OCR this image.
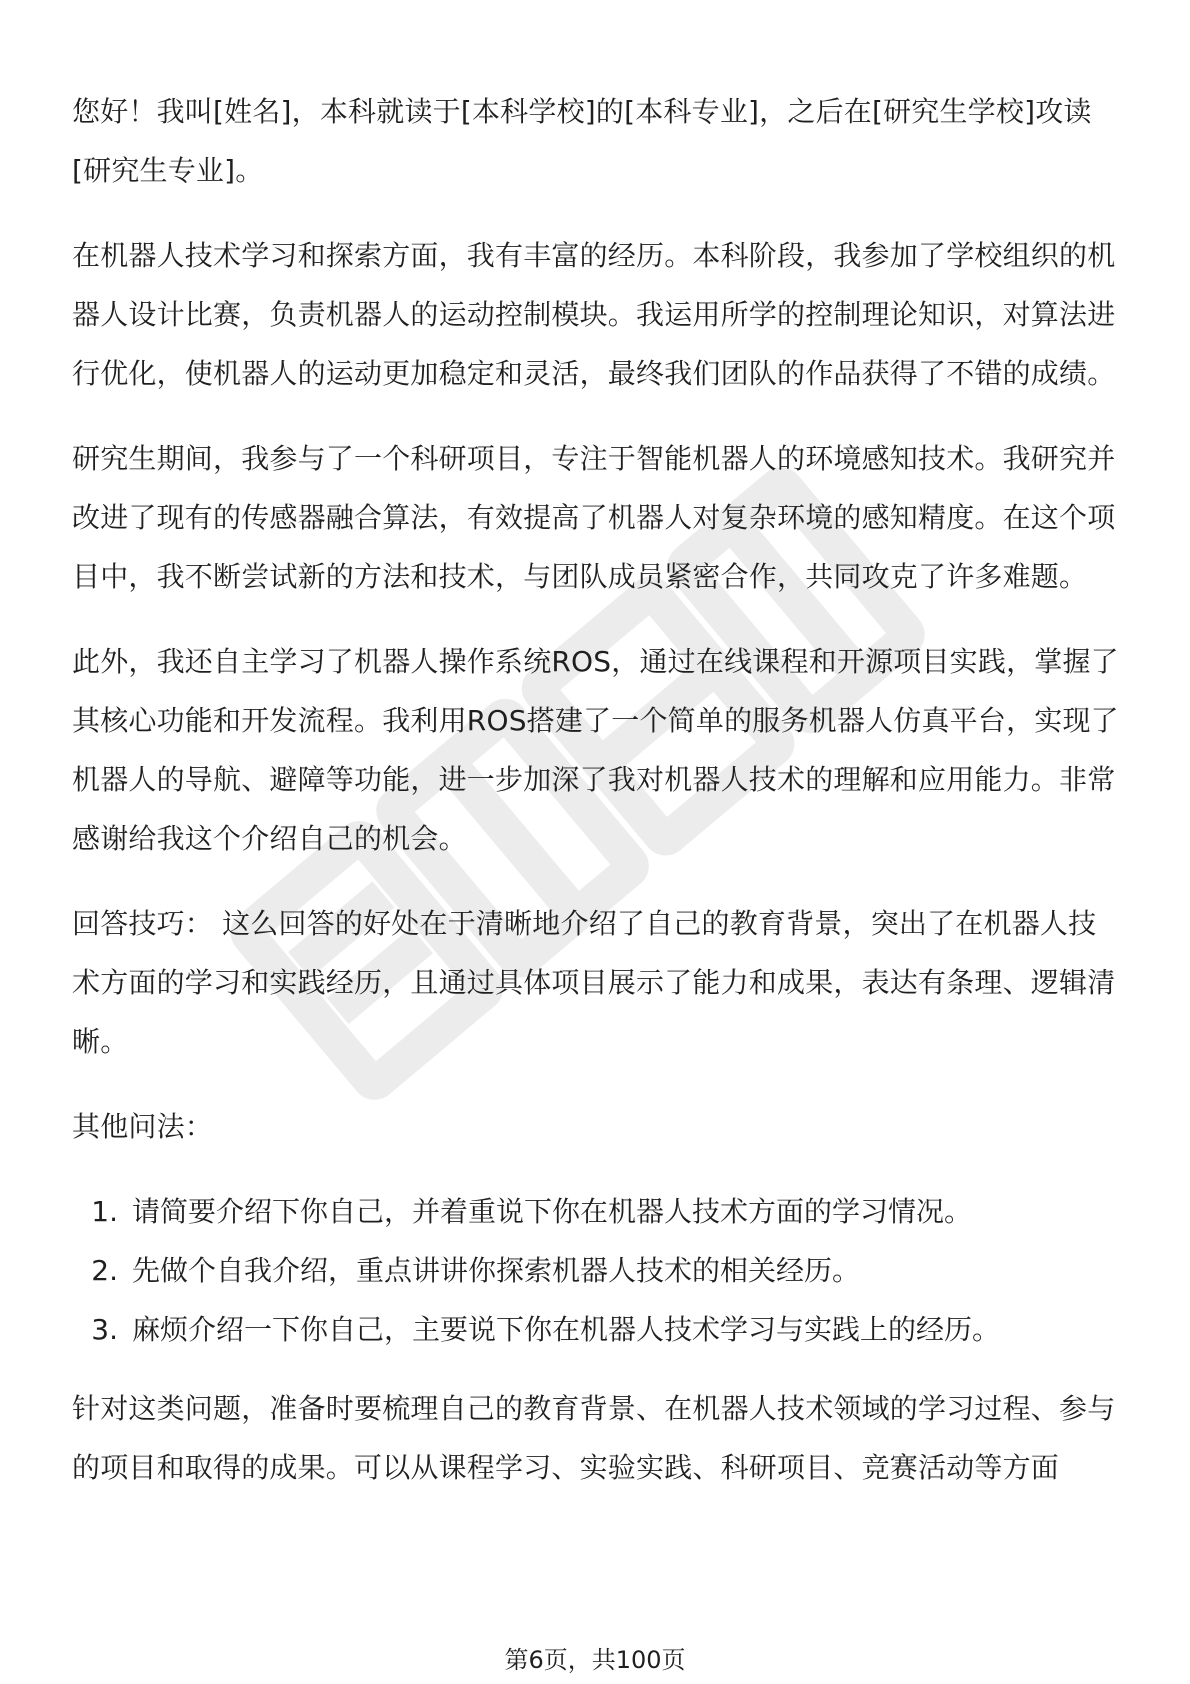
您好！我叫[姓名]，本科就读于[本科学校]的[本科专业]，之后在[研究生学校]攻读[研究生专业]。

在机器人技术学习和探索方面，我有丰富的经历。本科阶段，我参加了学校组织的机器人设计比赛，负责机器人的运动控制模块。我运用所学的控制理论知识，对算法进行优化，使机器人的运动更加稳定和灵活，最终我们团队的作品获得了不错的成绩。

研究生期间，我参与了一个科研项目，专注于智能机器人的环境感知技术。我研究并改进了现有的传感器融合算法，有效提高了机器人对复杂环境的感知精度。在这个项目中，我不断尝试新的方法和技术，与团队成员紧密合作，共同攻克了许多难题。

此外，我还自主学习了机器人操作系统ROS，通过在线课程和开源项目实践，掌握了其核心功能和开发流程。我利用ROS搭建了一个简单的服务机器人仿真平台，实现了机器人的导航、避障等功能，进一步加深了我对机器人技术的理解和应用能力。非常感谢给我这个介绍自己的机会。

回答技巧： 这么回答的好处在于清晰地介绍了自己的教育背景，突出了在机器人技术方面的学习和实践经历，且通过具体项目展示了能力和成果，表达有条理、逻辑清晰。

其他问法：

1. 请简要介绍下你自己，并着重说下你在机器人技术方面的学习情况。
2. 先做个自我介绍，重点讲讲你探索机器人技术的相关经历。
3. 麻烦介绍一下你自己，主要说下你在机器人技术学习与实践上的经历。

针对这类问题，准备时要梳理自己的教育背景、在机器人技术领域的学习过程、参与的项目和取得的成果。可以从课程学习、实验实践、科研项目、竞赛活动等方面

第6页，共100页
